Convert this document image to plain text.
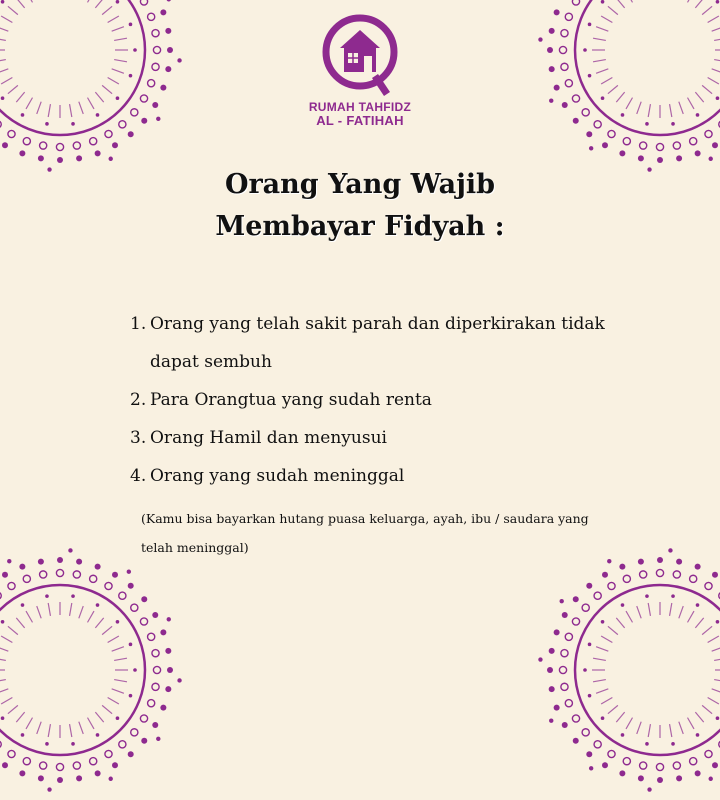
RUMAH TAHFIDZ
AL - FATIHAH
Orang Yang Wajib
Membayar Fidyah :
1. Orang yang telah sakit parah dan diperkirakan tidak dapat sembuh
2. Para Orangtua yang sudah renta
3. Orang Hamil dan menyusui
4. Orang yang sudah meninggal
(Kamu bisa bayarkan hutang puasa keluarga, ayah, ibu / saudara yang telah meninggal)
